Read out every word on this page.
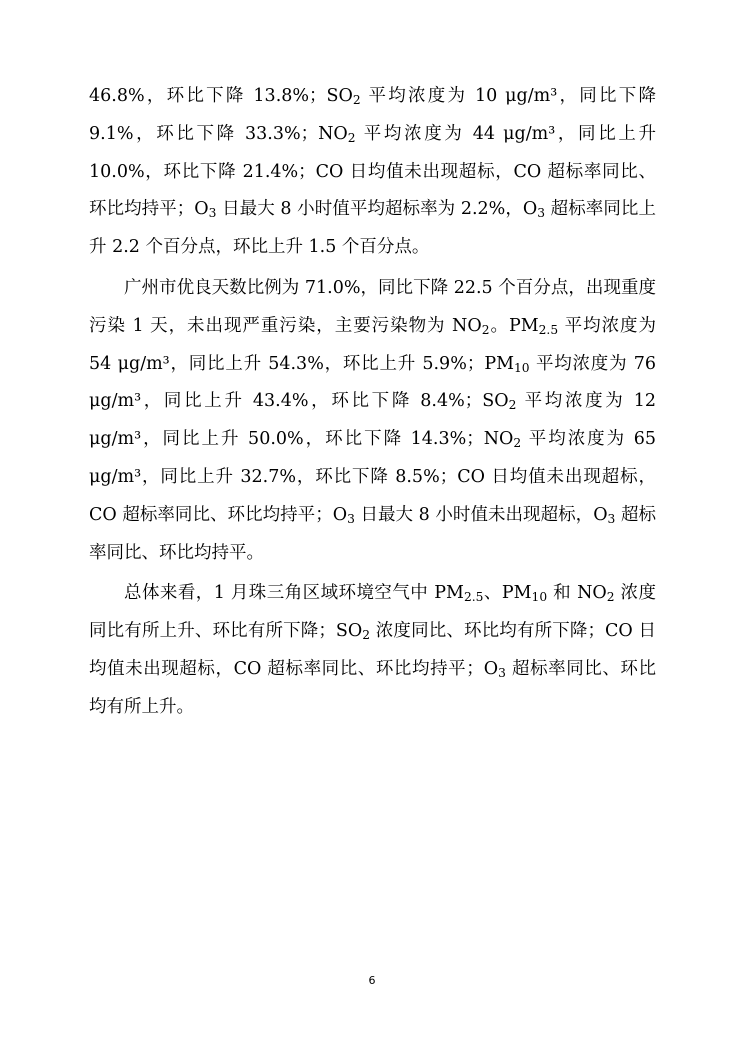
46.8%，环比下降 13.8%；$SO_2$ 平均浓度为 10 μg/m³，同比下降 9.1%，环比下降 33.3%；$NO_2$ 平均浓度为 44 μg/m³，同比上升 10.0%，环比下降 21.4%；CO 日均值未出现超标，CO 超标率同比、环比均持平；$O_3$ 日最大 8 小时值平均超标率为 2.2%，$O_3$ 超标率同比上升 2.2 个百分点，环比上升 1.5 个百分点。

广州市优良天数比例为 71.0%，同比下降 22.5 个百分点，出现重度污染 1 天，未出现严重污染，主要污染物为 $NO_2$。$PM_{2.5}$ 平均浓度为 54 μg/m³，同比上升 54.3%，环比上升 5.9%；$PM_{10}$ 平均浓度为 76 μg/m³，同比上升 43.4%，环比下降 8.4%；$SO_2$ 平均浓度为 12 μg/m³，同比上升 50.0%，环比下降 14.3%；$NO_2$ 平均浓度为 65 μg/m³，同比上升 32.7%，环比下降 8.5%；CO 日均值未出现超标，CO 超标率同比、环比均持平；$O_3$ 日最大 8 小时值未出现超标，$O_3$ 超标率同比、环比均持平。

总体来看，1 月珠三角区域环境空气中 $PM_{2.5}$、$PM_{10}$ 和 $NO_2$ 浓度同比有所上升、环比有所下降；$SO_2$ 浓度同比、环比均有所下降；CO 日均值未出现超标，CO 超标率同比、环比均持平；$O_3$ 超标率同比、环比均有所上升。

6
